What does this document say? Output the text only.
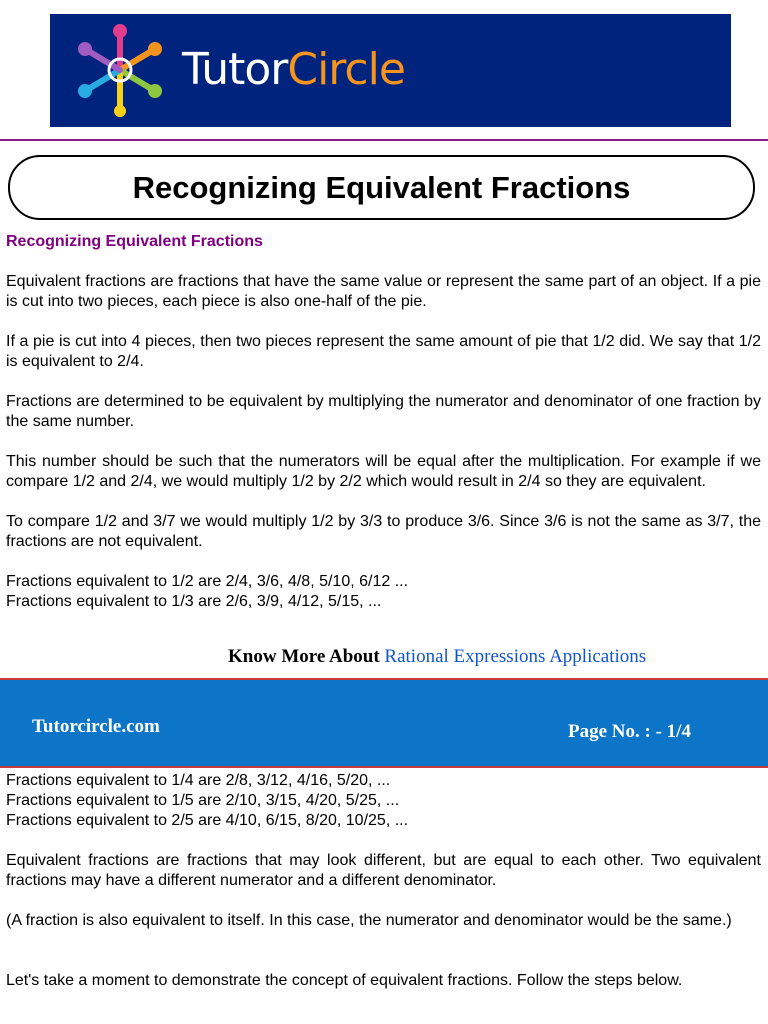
TutorCircle
Recognizing Equivalent Fractions
Recognizing Equivalent Fractions

Equivalent fractions are fractions that have the same value or represent the same part of an object. If a pie is cut into two pieces, each piece is also one-half of the pie.

If a pie is cut into 4 pieces, then two pieces represent the same amount of pie that 1/2 did. We say that 1/2 is equivalent to 2/4.

Fractions are determined to be equivalent by multiplying the numerator and denominator of one fraction by the same number.

This number should be such that the numerators will be equal after the multiplication. For example if we compare 1/2 and 2/4, we would multiply 1/2 by 2/2 which would result in 2/4 so they are equivalent.

To compare 1/2 and 3/7 we would multiply 1/2 by 3/3 to produce 3/6. Since 3/6 is not the same as 3/7, the fractions are not equivalent.

Fractions equivalent to 1/2 are 2/4, 3/6, 4/8, 5/10, 6/12 ...

Fractions equivalent to 1/3 are 2/6, 3/9, 4/12, 5/15, ...

Know More About Rational Expressions Applications
Tutorcircle.com	Page No. : - 1/4

Fractions equivalent to 1/4 are 2/8, 3/12, 4/16, 5/20, ...

Fractions equivalent to 1/5 are 2/10, 3/15, 4/20, 5/25, ...

Fractions equivalent to 2/5 are 4/10, 6/15, 8/20, 10/25, ...

Equivalent fractions are fractions that may look different, but are equal to each other. Two equivalent fractions may have a different numerator and a different denominator.

(A fraction is also equivalent to itself. In this case, the numerator and denominator would be the same.)

Let's take a moment to demonstrate the concept of equivalent fractions. Follow the steps below.
